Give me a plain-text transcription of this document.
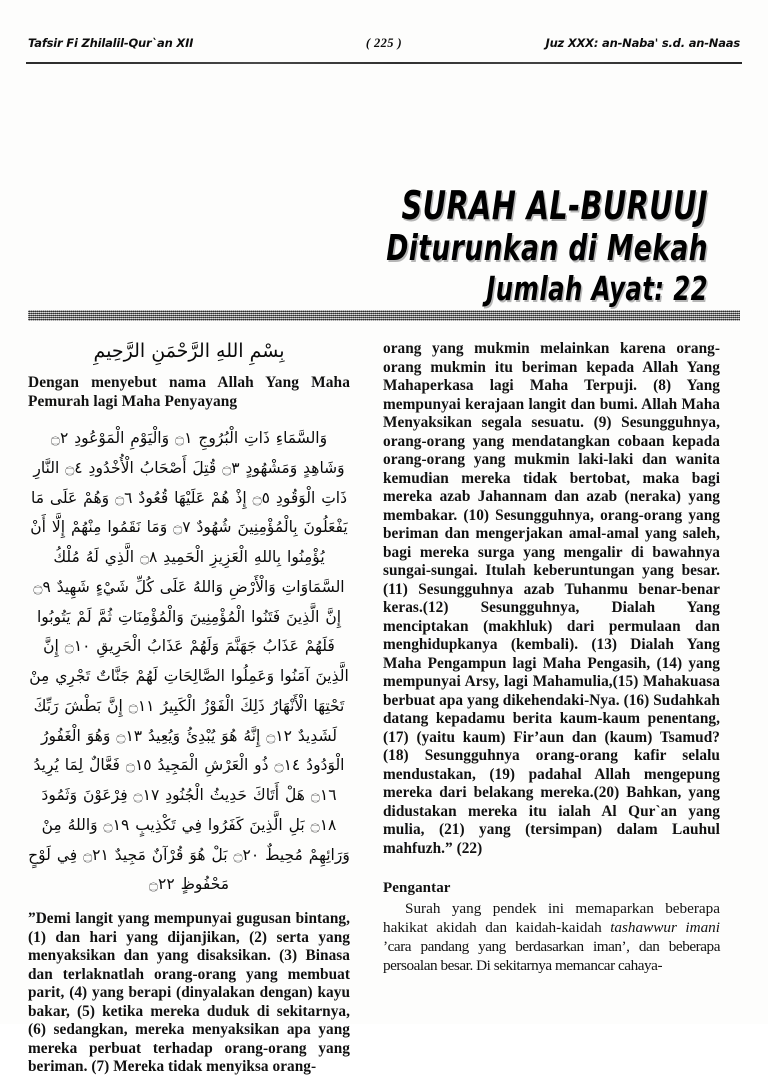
Tafsir Fi Zhilalil-Qur`an XII	( 225 )	Juz XXX: an-Naba' s.d. an-Naas
SURAH AL-BURUUJ
Diturunkan di Mekah
Jumlah Ayat: 22

بِسْمِ اللهِ الرَّحْمَنِ الرَّحِيمِ

Dengan menyebut nama Allah Yang Maha Pemurah lagi Maha Penyayang

وَالسَّمَاءِ ذَاتِ الْبُرُوجِ ۝١ وَالْيَوْمِ الْمَوْعُودِ ۝٢ وَشَاهِدٍ وَمَشْهُودٍ ۝٣ قُتِلَ أَصْحَابُ الْأُخْدُودِ ۝٤ النَّارِ ذَاتِ الْوَقُودِ ۝٥ إِذْ هُمْ عَلَيْهَا قُعُودٌ ۝٦ وَهُمْ عَلَى مَا يَفْعَلُونَ بِالْمُؤْمِنِينَ شُهُودٌ ۝٧ وَمَا نَقَمُوا مِنْهُمْ إِلَّا أَنْ يُؤْمِنُوا بِاللهِ الْعَزِيزِ الْحَمِيدِ ۝٨ الَّذِي لَهُ مُلْكُ السَّمَاوَاتِ وَالْأَرْضِ وَاللهُ عَلَى كُلِّ شَيْءٍ شَهِيدٌ ۝٩ إِنَّ الَّذِينَ فَتَنُوا الْمُؤْمِنِينَ وَالْمُؤْمِنَاتِ ثُمَّ لَمْ يَتُوبُوا فَلَهُمْ عَذَابُ جَهَنَّمَ وَلَهُمْ عَذَابُ الْحَرِيقِ ۝١٠ إِنَّ الَّذِينَ آمَنُوا وَعَمِلُوا الصَّالِحَاتِ لَهُمْ جَنَّاتٌ تَجْرِي مِنْ تَحْتِهَا الْأَنْهَارُ ذَلِكَ الْفَوْزُ الْكَبِيرُ ۝١١ إِنَّ بَطْشَ رَبِّكَ لَشَدِيدٌ ۝١٢ إِنَّهُ هُوَ يُبْدِئُ وَيُعِيدُ ۝١٣ وَهُوَ الْغَفُورُ الْوَدُودُ ۝١٤ ذُو الْعَرْشِ الْمَجِيدُ ۝١٥ فَعَّالٌ لِمَا يُرِيدُ ۝١٦ هَلْ أَتَاكَ حَدِيثُ الْجُنُودِ ۝١٧ فِرْعَوْنَ وَثَمُودَ ۝١٨ بَلِ الَّذِينَ كَفَرُوا فِي تَكْذِيبٍ ۝١٩ وَاللهُ مِنْ وَرَائِهِمْ مُحِيطٌ ۝٢٠ بَلْ هُوَ قُرْآنٌ مَجِيدٌ ۝٢١ فِي لَوْحٍ مَحْفُوظٍ ۝٢٢

”Demi langit yang mempunyai gugusan bintang, (1) dan hari yang dijanjikan, (2) serta yang menyaksikan dan yang disaksikan. (3) Binasa dan terlaknatlah orang-orang yang membuat parit, (4) yang berapi (dinyalakan dengan) kayu bakar, (5) ketika mereka duduk di sekitarnya, (6) sedangkan, mereka menyaksikan apa yang mereka perbuat terhadap orang-orang yang beriman. (7) Mereka tidak menyiksa orang-

orang yang mukmin melainkan karena orang-orang mukmin itu beriman kepada Allah Yang Mahaperkasa lagi Maha Terpuji. (8) Yang mempunyai kerajaan langit dan bumi. Allah Maha Menyaksikan segala sesuatu. (9) Sesungguhnya, orang-orang yang mendatangkan cobaan kepada orang-orang yang mukmin laki-laki dan wanita kemudian mereka tidak bertobat, maka bagi mereka azab Jahannam dan azab (neraka) yang membakar. (10) Sesungguhnya, orang-orang yang beriman dan mengerjakan amal-amal yang saleh, bagi mereka surga yang mengalir di bawahnya sungai-sungai. Itulah keberuntungan yang besar.(11) Sesungguhnya azab Tuhanmu benar-benar keras.(12) Sesungguhnya, Dialah Yang menciptakan (makhluk) dari permulaan dan menghidupkanya (kembali). (13) Dialah Yang Maha Pengampun lagi Maha Pengasih, (14) yang mempunyai Arsy, lagi Mahamulia,(15) Mahakuasa berbuat apa yang dikehendaki-Nya. (16) Sudahkah datang kepadamu berita kaum-kaum penentang, (17) (yaitu kaum) Fir’aun dan (kaum) Tsamud?(18) Sesungguhnya orang-orang kafir selalu mendustakan, (19) padahal Allah mengepung mereka dari belakang mereka.(20) Bahkan, yang didustakan mereka itu ialah Al Qur`an yang mulia, (21) yang (tersimpan) dalam Lauhul mahfuzh.” (22)

Pengantar

Surah yang pendek ini memaparkan beberapa hakikat akidah dan kaidah-kaidah tashawwur imani ’cara pandang yang berdasarkan iman’, dan beberapa persoalan besar. Di sekitarnya memancar cahaya-
